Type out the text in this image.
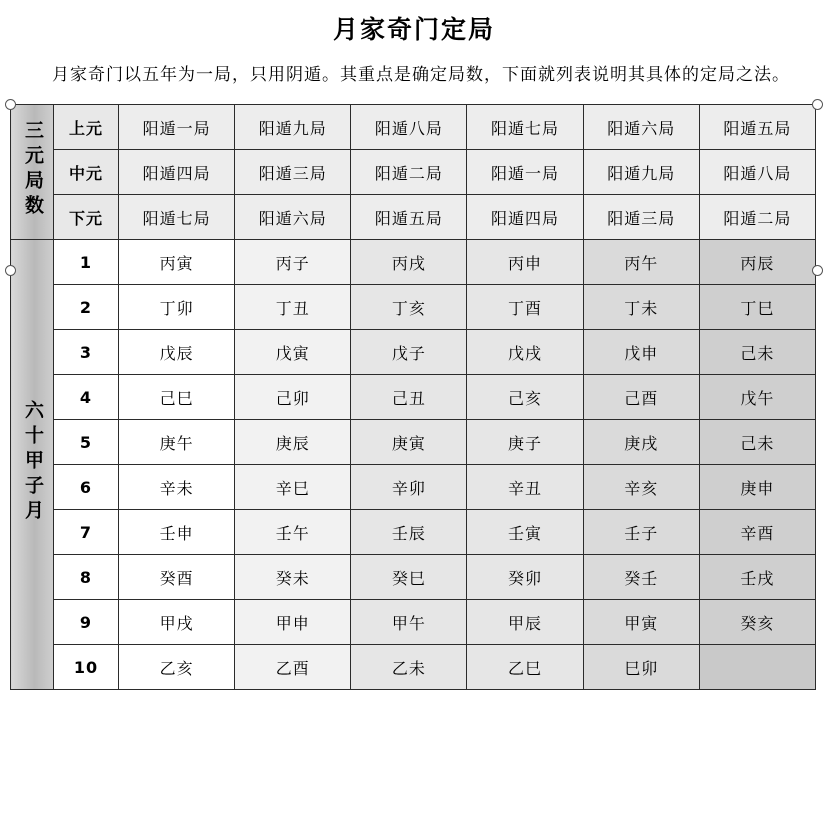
月家奇门定局
月家奇门以五年为一局，只用阴遁。其重点是确定局数，下面就列表说明其具体的定局之法。
三元局数	上元	阳遁一局	阳遁九局	阳遁八局	阳遁七局	阳遁六局	阳遁五局
	中元	阳遁四局	阳遁三局	阳遁二局	阳遁一局	阳遁九局	阳遁八局
	下元	阳遁七局	阳遁六局	阳遁五局	阳遁四局	阳遁三局	阳遁二局
六十甲子月	1	丙寅	丙子	丙戌	丙申	丙午	丙辰
	2	丁卯	丁丑	丁亥	丁酉	丁未	丁巳
	3	戊辰	戊寅	戊子	戊戌	戊申	己未
	4	己巳	己卯	己丑	己亥	己酉	戊午
	5	庚午	庚辰	庚寅	庚子	庚戌	己未
	6	辛未	辛巳	辛卯	辛丑	辛亥	庚申
	7	壬申	壬午	壬辰	壬寅	壬子	辛酉
	8	癸酉	癸未	癸巳	癸卯	癸壬	壬戌
	9	甲戌	甲申	甲午	甲辰	甲寅	癸亥
	10	乙亥	乙酉	乙未	乙巳	巳卯	
